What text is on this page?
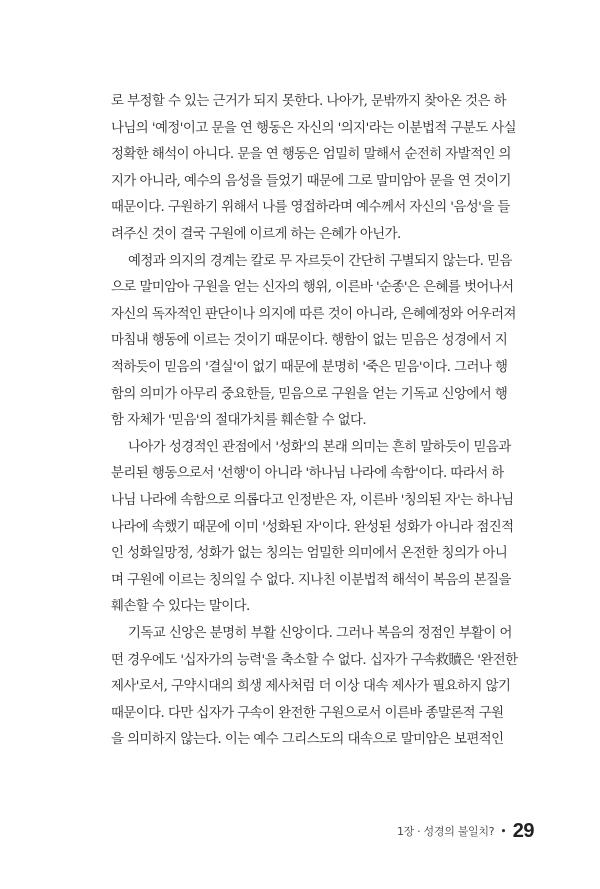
로 부정할 수 있는 근거가 되지 못한다. 나아가, 문밖까지 찾아온 것은 하
나님의 '예정'이고 문을 연 행동은 자신의 '의지'라는 이분법적 구분도 사실
정확한 해석이 아니다. 문을 연 행동은 엄밀히 말해서 순전히 자발적인 의
지가 아니라, 예수의 음성을 들었기 때문에 그로 말미암아 문을 연 것이기
때문이다. 구원하기 위해서 나를 영접하라며 예수께서 자신의 '음성'을 들
려주신 것이 결국 구원에 이르게 하는 은혜가 아닌가.
예정과 의지의 경계는 칼로 무 자르듯이 간단히 구별되지 않는다. 믿음
으로 말미암아 구원을 얻는 신자의 행위, 이른바 '순종'은 은혜를 벗어나서
자신의 독자적인 판단이나 의지에 따른 것이 아니라, 은혜예정와 어우러져
마침내 행동에 이르는 것이기 때문이다. 행함이 없는 믿음은 성경에서 지
적하듯이 믿음의 '결실'이 없기 때문에 분명히 '죽은 믿음'이다. 그러나 행
함의 의미가 아무리 중요한들, 믿음으로 구원을 얻는 기독교 신앙에서 행
함 자체가 '믿음'의 절대가치를 훼손할 수 없다.
나아가 성경적인 관점에서 '성화'의 본래 의미는 흔히 말하듯이 믿음과
분리된 행동으로서 '선행'이 아니라 '하나님 나라에 속함'이다. 따라서 하
나님 나라에 속함으로 의롭다고 인정받은 자, 이른바 '칭의된 자'는 하나님
나라에 속했기 때문에 이미 '성화된 자'이다. 완성된 성화가 아니라 점진적
인 성화일망정, 성화가 없는 칭의는 엄밀한 의미에서 온전한 칭의가 아니
며 구원에 이르는 칭의일 수 없다. 지나친 이분법적 해석이 복음의 본질을
훼손할 수 있다는 말이다.
기독교 신앙은 분명히 부활 신앙이다. 그러나 복음의 정점인 부활이 어
떤 경우에도 '십자가의 능력'을 축소할 수 없다. 십자가 구속救贖은 '완전한
제사'로서, 구약시대의 희생 제사처럼 더 이상 대속 제사가 필요하지 않기
때문이다. 다만 십자가 구속이 완전한 구원으로서 이른바 종말론적 구원
을 의미하지 않는다. 이는 예수 그리스도의 대속으로 말미암은 보편적인
1장 · 성경의 불일치? • 29
